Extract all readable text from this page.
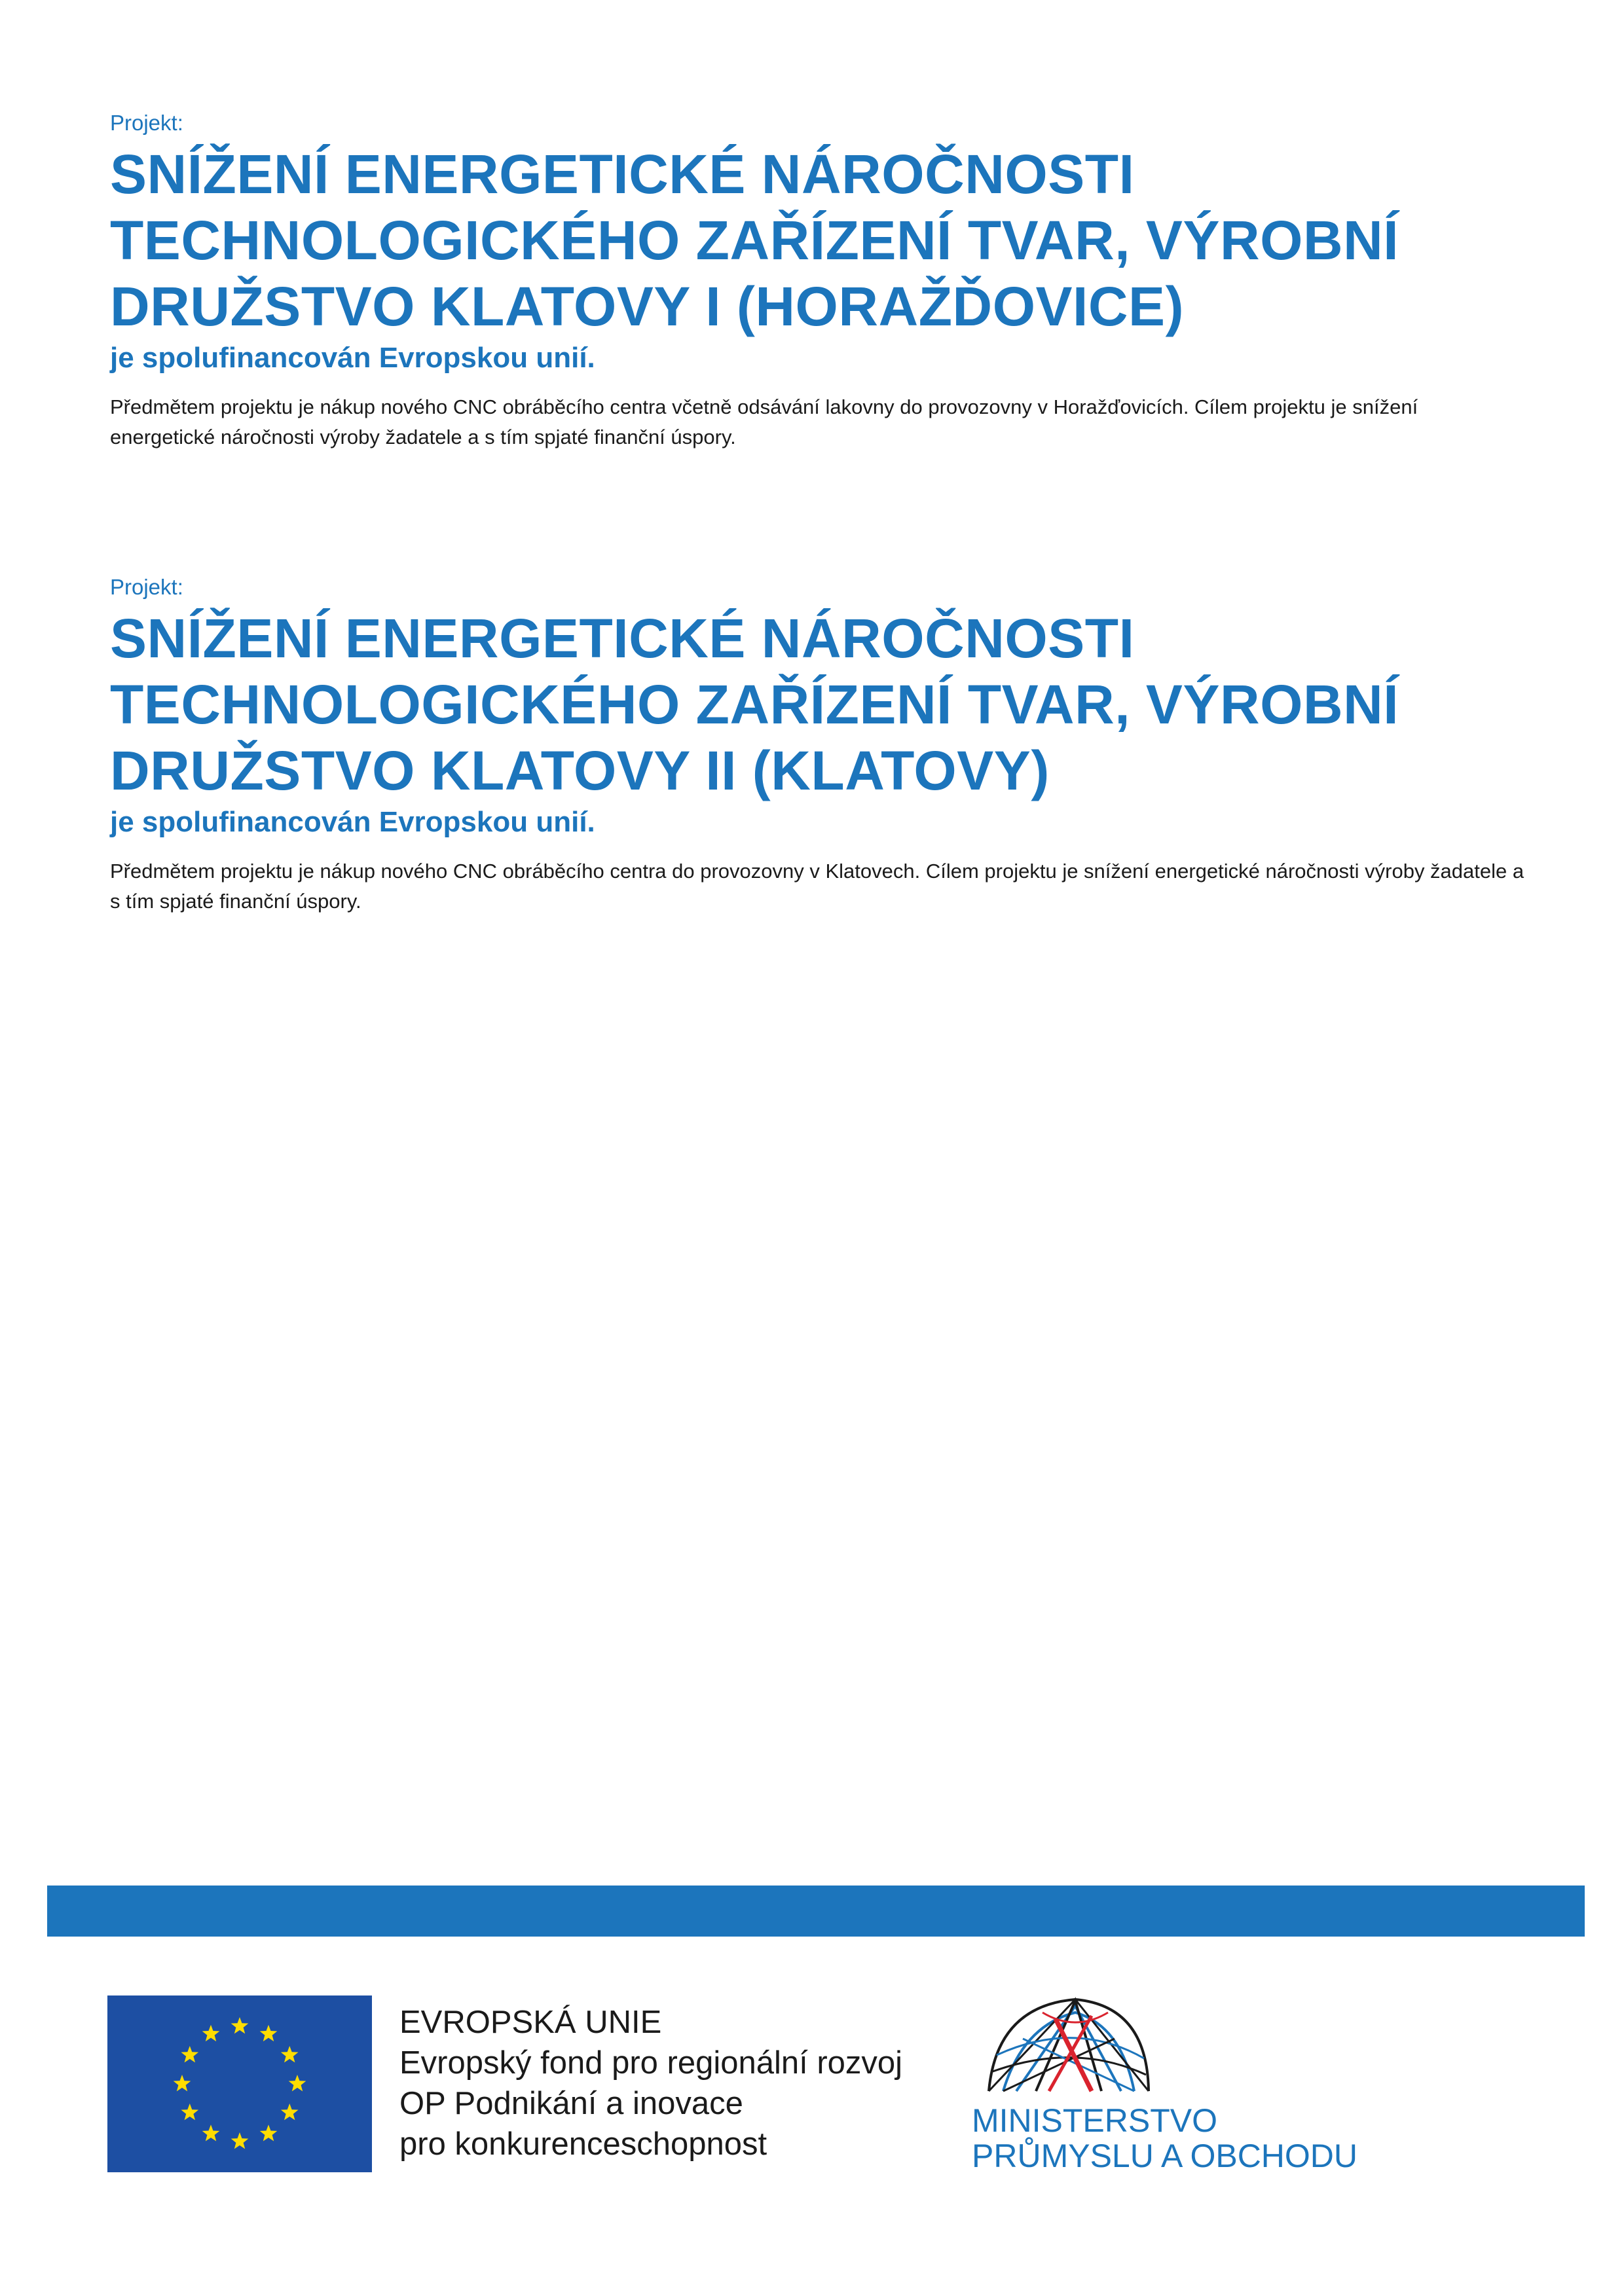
Projekt:

SNÍŽENÍ ENERGETICKÉ NÁROČNOSTI
TECHNOLOGICKÉHO ZAŘÍZENÍ TVAR, VÝROBNÍ
DRUŽSTVO KLATOVY I (HORAŽĎOVICE)

je spolufinancován Evropskou unií.

Předmětem projektu je nákup nového CNC obráběcího centra včetně odsávání lakovny do provozovny v Horažďovicích. Cílem projektu je snížení energetické náročnosti výroby žadatele a s tím spjaté finanční úspory.

Projekt:

SNÍŽENÍ ENERGETICKÉ NÁROČNOSTI
TECHNOLOGICKÉHO ZAŘÍZENÍ TVAR, VÝROBNÍ
DRUŽSTVO KLATOVY II (KLATOVY)

je spolufinancován Evropskou unií.

Předmětem projektu je nákup nového CNC obráběcího centra do provozovny v Klatovech. Cílem projektu je snížení energetické náročnosti výroby žadatele a s tím spjaté finanční úspory.

EVROPSKÁ UNIE
Evropský fond pro regionální rozvoj
OP Podnikání a inovace
pro konkurenceschopnost
MINISTERSTVO
PRŮMYSLU A OBCHODU
